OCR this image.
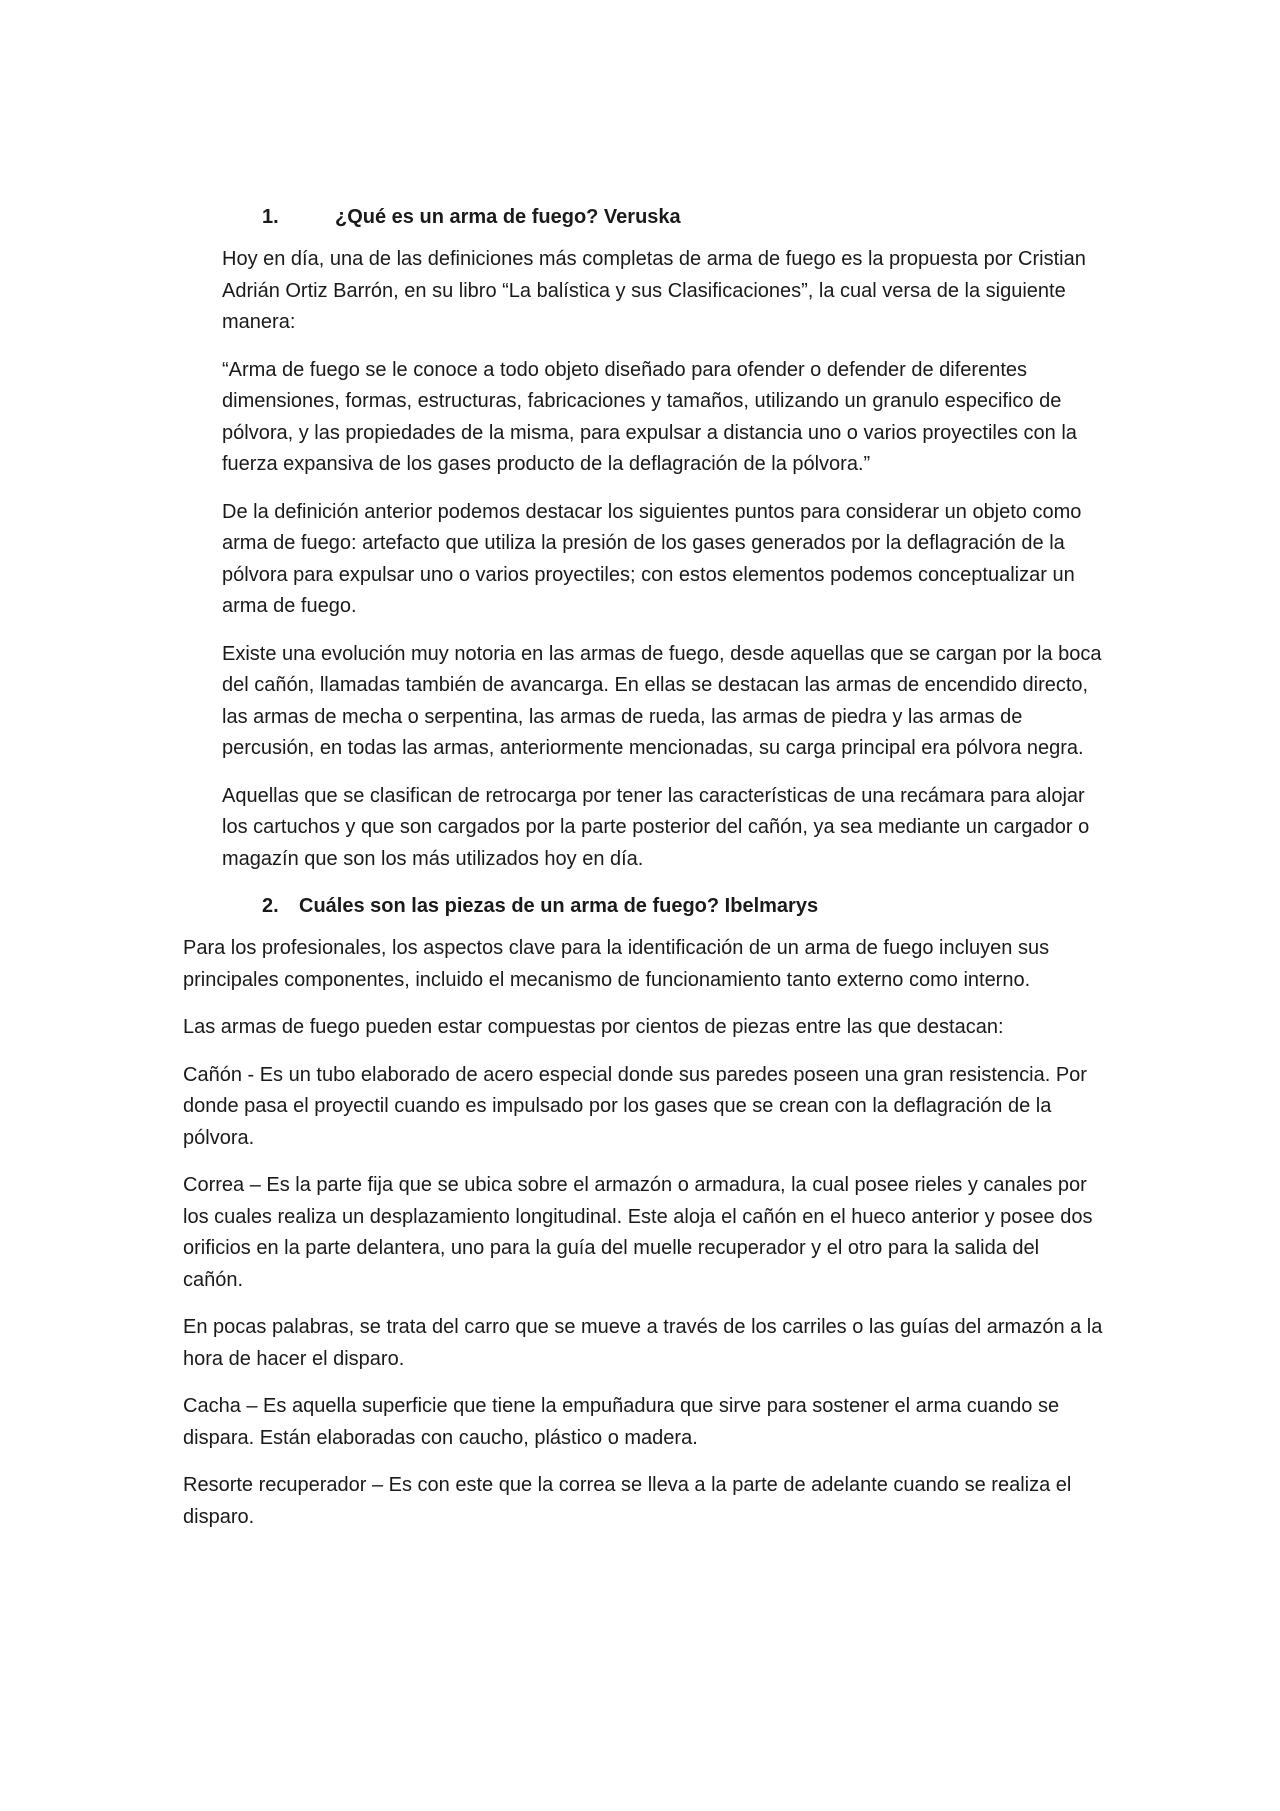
1.	¿Qué es un arma de fuego? Veruska

Hoy en día, una de las definiciones más completas de arma de fuego es la propuesta por Cristian Adrián Ortiz Barrón, en su libro “La balística y sus Clasificaciones”, la cual versa de la siguiente manera:

“Arma de fuego se le conoce a todo objeto diseñado para ofender o defender de diferentes dimensiones, formas, estructuras, fabricaciones y tamaños, utilizando un granulo especifico de pólvora, y las propiedades de la misma, para expulsar a distancia uno o varios proyectiles con la fuerza expansiva de los gases producto de la deflagración de la pólvora.”

De la definición anterior podemos destacar los siguientes puntos para considerar un objeto como arma de fuego: artefacto que utiliza la presión de los gases generados por la deflagración de la pólvora para expulsar uno o varios proyectiles; con estos elementos podemos conceptualizar un arma de fuego.

Existe una evolución muy notoria en las armas de fuego, desde aquellas que se cargan por la boca del cañón, llamadas también de avancarga. En ellas se destacan las armas de encendido directo, las armas de mecha o serpentina, las armas de rueda, las armas de piedra y las armas de percusión, en todas las armas, anteriormente mencionadas, su carga principal era pólvora negra.

Aquellas que se clasifican de retrocarga por tener las características de una recámara para alojar los cartuchos y que son cargados por la parte posterior del cañón, ya sea mediante un cargador o magazín que son los más utilizados hoy en día.

2.	Cuáles son las piezas de un arma de fuego? Ibelmarys

Para los profesionales, los aspectos clave para la identificación de un arma de fuego incluyen sus principales componentes, incluido el mecanismo de funcionamiento tanto externo como interno.

Las armas de fuego pueden estar compuestas por cientos de piezas entre las que destacan:

Cañón - Es un tubo elaborado de acero especial donde sus paredes poseen una gran resistencia. Por donde pasa el proyectil cuando es impulsado por los gases que se crean con la deflagración de la pólvora.

Correa – Es la parte fija que se ubica sobre el armazón o armadura, la cual posee rieles y canales por los cuales realiza un desplazamiento longitudinal. Este aloja el cañón en el hueco anterior y posee dos orificios en la parte delantera, uno para la guía del muelle recuperador y el otro para la salida del cañón.

En pocas palabras, se trata del carro que se mueve a través de los carriles o las guías del armazón a la hora de hacer el disparo.

Cacha – Es aquella superficie que tiene la empuñadura que sirve para sostener el arma cuando se dispara. Están elaboradas con caucho, plástico o madera.

Resorte recuperador – Es con este que la correa se lleva a la parte de adelante cuando se realiza el disparo.
